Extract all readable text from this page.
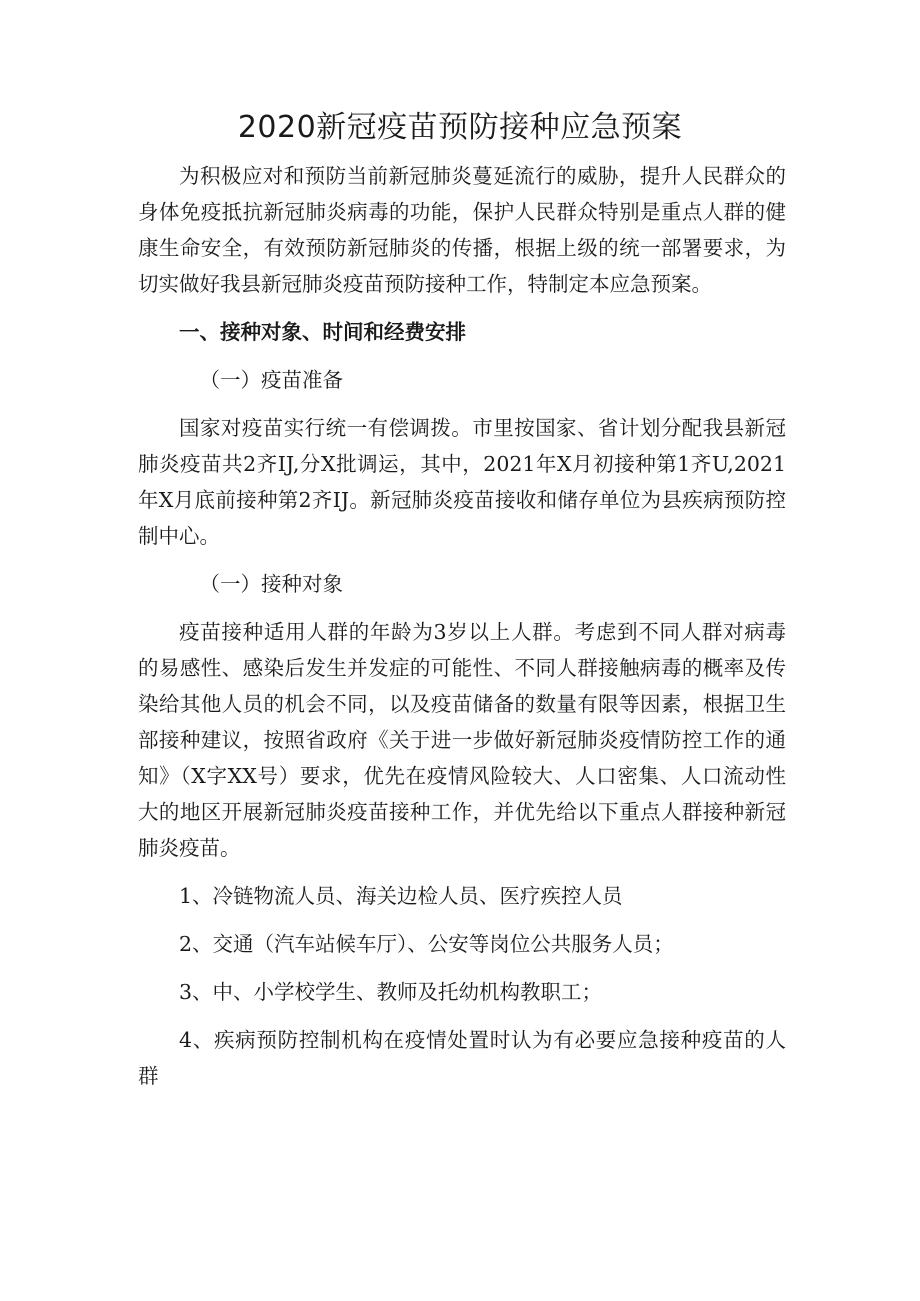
2020新冠疫苗预防接种应急预案

为积极应对和预防当前新冠肺炎蔓延流行的威胁，提升人民群众的身体免疫抵抗新冠肺炎病毒的功能，保护人民群众特别是重点人群的健康生命安全，有效预防新冠肺炎的传播，根据上级的统一部署要求，为切实做好我县新冠肺炎疫苗预防接种工作，特制定本应急预案。

一、接种对象、时间和经费安排

（一）疫苗准备

国家对疫苗实行统一有偿调拨。市里按国家、省计划分配我县新冠肺炎疫苗共2齐IJ,分X批调运，其中，2021年X月初接种第1齐U,2021年X月底前接种第2齐IJ。新冠肺炎疫苗接收和储存单位为县疾病预防控制中心。

（一）接种对象

疫苗接种适用人群的年龄为3岁以上人群。考虑到不同人群对病毒的易感性、感染后发生并发症的可能性、不同人群接触病毒的概率及传染给其他人员的机会不同，以及疫苗储备的数量有限等因素，根据卫生部接种建议，按照省政府《关于进一步做好新冠肺炎疫情防控工作的通知》（X字XX号）要求，优先在疫情风险较大、人口密集、人口流动性大的地区开展新冠肺炎疫苗接种工作，并优先给以下重点人群接种新冠肺炎疫苗。

1、冷链物流人员、海关边检人员、医疗疾控人员

2、交通（汽车站候车厅）、公安等岗位公共服务人员；

3、中、小学校学生、教师及托幼机构教职工；

4、疾病预防控制机构在疫情处置时认为有必要应急接种疫苗的人群
